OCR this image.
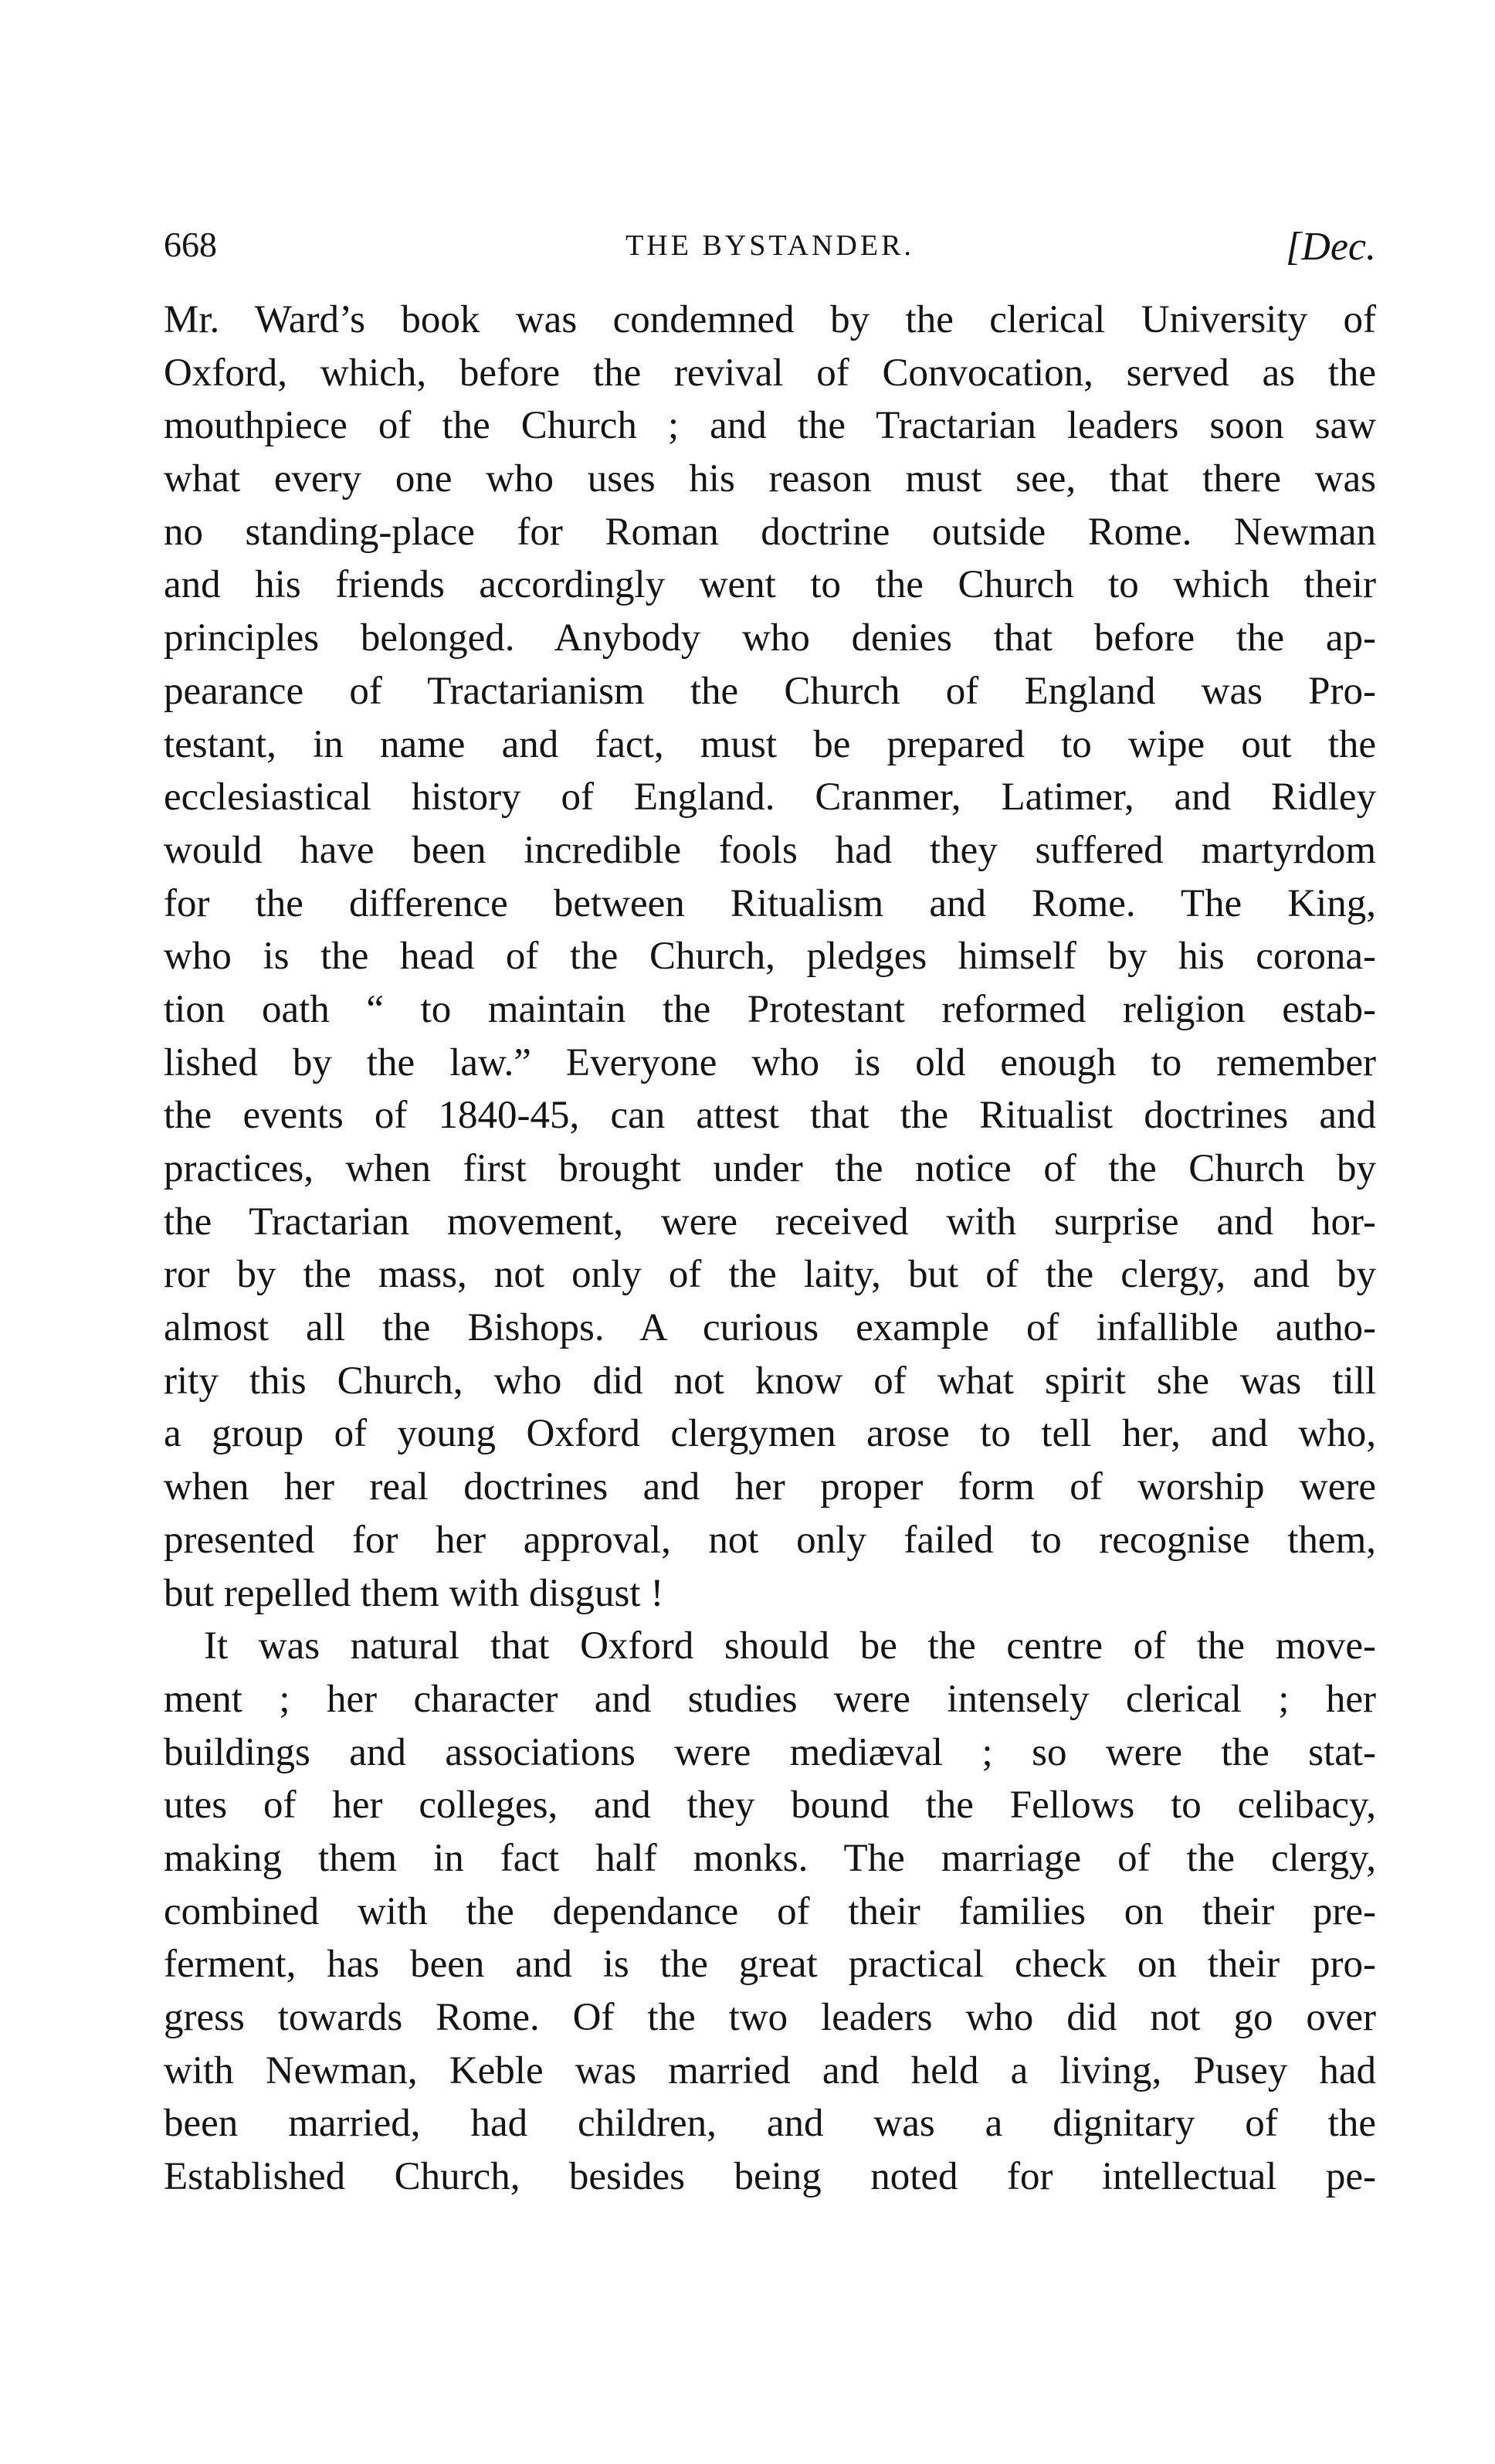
668	THE BYSTANDER.	[Dec.
Mr. Ward’s book was condemned by the clerical University of
Oxford, which, before the revival of Convocation, served as the
mouthpiece of the Church ; and the Tractarian leaders soon saw
what every one who uses his reason must see, that there was
no standing-place for Roman doctrine outside Rome. Newman
and his friends accordingly went to the Church to which their
principles belonged. Anybody who denies that before the ap-
pearance of Tractarianism the Church of England was Pro-
testant, in name and fact, must be prepared to wipe out the
ecclesiastical history of England. Cranmer, Latimer, and Ridley
would have been incredible fools had they suffered martyrdom
for the difference between Ritualism and Rome. The King,
who is the head of the Church, pledges himself by his corona-
tion oath “ to maintain the Protestant reformed religion estab-
lished by the law.” Everyone who is old enough to remember
the events of 1840-45, can attest that the Ritualist doctrines and
practices, when first brought under the notice of the Church by
the Tractarian movement, were received with surprise and hor-
ror by the mass, not only of the laity, but of the clergy, and by
almost all the Bishops. A curious example of infallible autho-
rity this Church, who did not know of what spirit she was till
a group of young Oxford clergymen arose to tell her, and who,
when her real doctrines and her proper form of worship were
presented for her approval, not only failed to recognise them,
but repelled them with disgust !
It was natural that Oxford should be the centre of the move-
ment ; her character and studies were intensely clerical ; her
buildings and associations were mediæval ; so were the stat-
utes of her colleges, and they bound the Fellows to celibacy,
making them in fact half monks. The marriage of the clergy,
combined with the dependance of their families on their pre-
ferment, has been and is the great practical check on their pro-
gress towards Rome. Of the two leaders who did not go over
with Newman, Keble was married and held a living, Pusey had
been married, had children, and was a dignitary of the
Established Church, besides being noted for intellectual pe-
